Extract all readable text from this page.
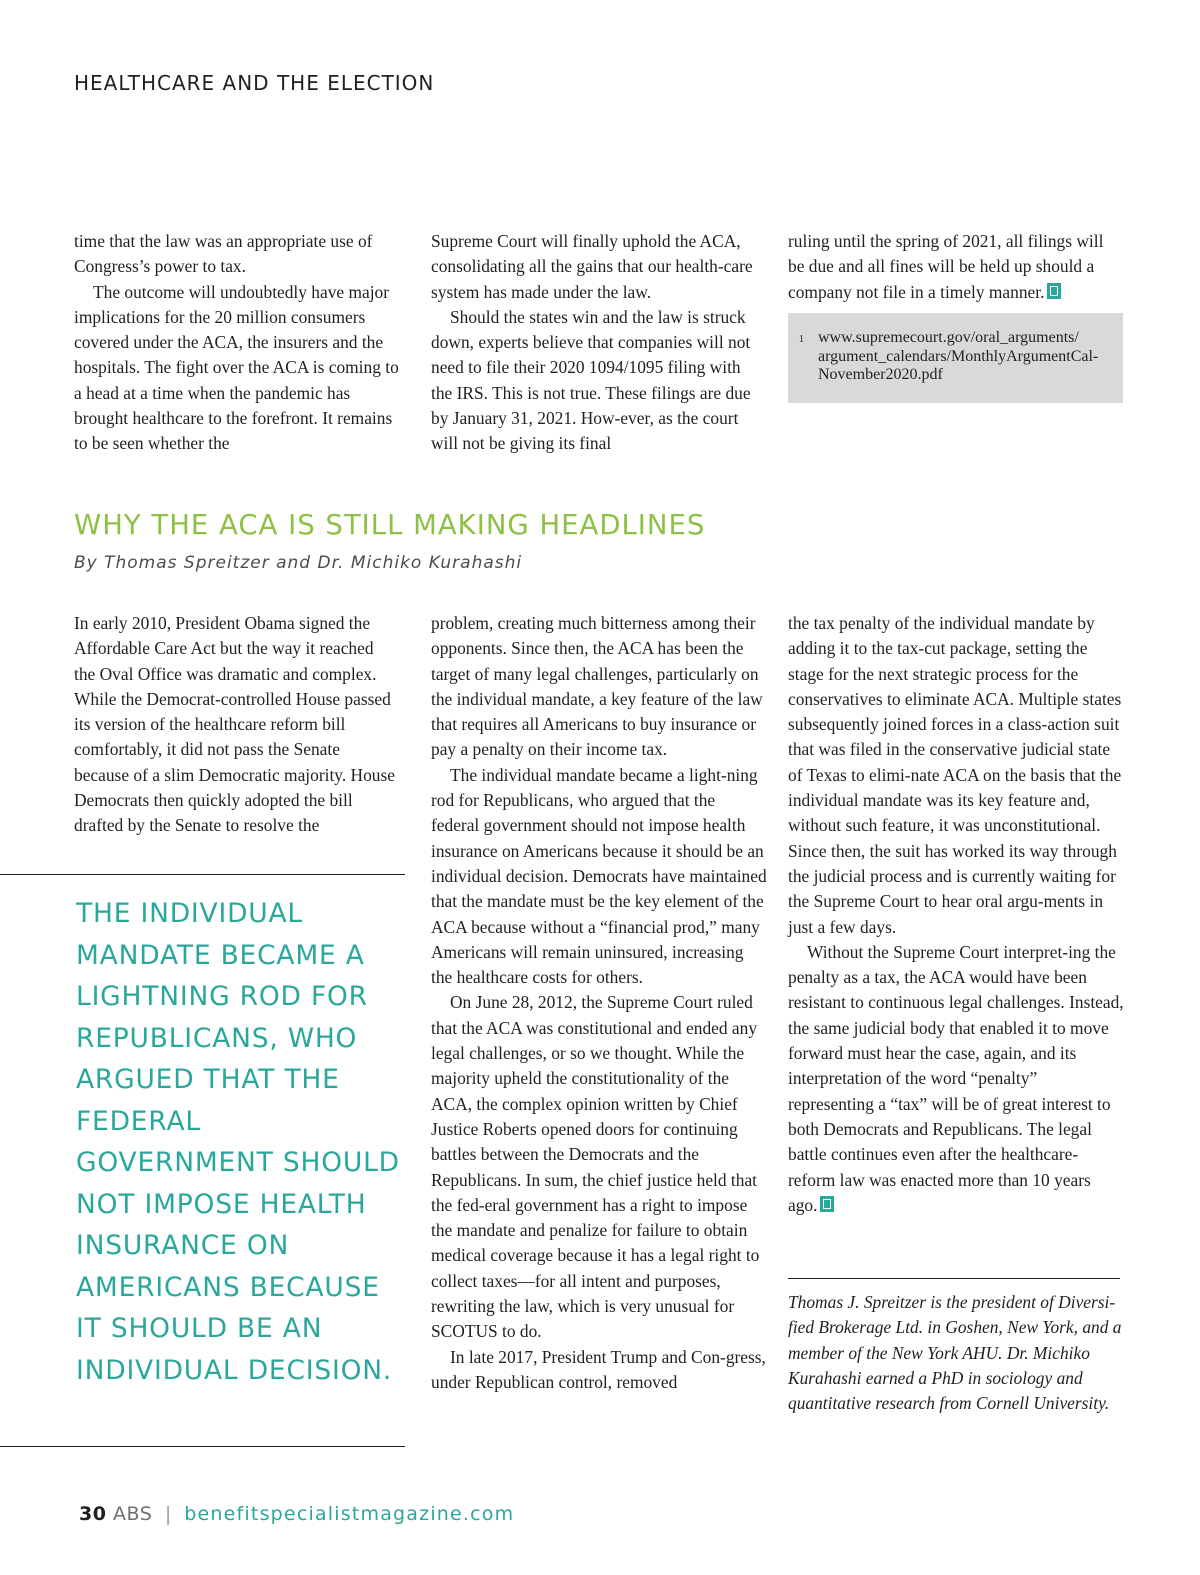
HEALTHCARE AND THE ELECTION

time that the law was an appropriate use of Congress’s power to tax.

The outcome will undoubtedly have major implications for the 20 million consumers covered under the ACA, the insurers and the hospitals. The fight over the ACA is coming to a head at a time when the pandemic has brought healthcare to the forefront. It remains to be seen whether the

Supreme Court will finally uphold the ACA, consolidating all the gains that our health-care system has made under the law.

Should the states win and the law is struck down, experts believe that companies will not need to file their 2020 1094/1095 filing with the IRS. This is not true. These filings are due by January 31, 2021. How-ever, as the court will not be giving its final

ruling until the spring of 2021, all filings will be due and all fines will be held up should a company not file in a timely manner.

1 www.supremecourt.gov/oral_arguments/ argument_calendars/MonthlyArgumentCal-November2020.pdf
WHY THE ACA IS STILL MAKING HEADLINES
By Thomas Spreitzer and Dr. Michiko Kurahashi

In early 2010, President Obama signed the Affordable Care Act but the way it reached the Oval Office was dramatic and complex. While the Democrat-controlled House passed its version of the healthcare reform bill comfortably, it did not pass the Senate because of a slim Democratic majority. House Democrats then quickly adopted the bill drafted by the Senate to resolve the

THE INDIVIDUAL MANDATE BECAME A LIGHTNING ROD FOR REPUBLICANS, WHO ARGUED THAT THE FEDERAL GOVERNMENT SHOULD NOT IMPOSE HEALTH INSURANCE ON AMERICANS BECAUSE IT SHOULD BE AN INDIVIDUAL DECISION.

problem, creating much bitterness among their opponents. Since then, the ACA has been the target of many legal challenges, particularly on the individual mandate, a key feature of the law that requires all Americans to buy insurance or pay a penalty on their income tax.

The individual mandate became a light-ning rod for Republicans, who argued that the federal government should not impose health insurance on Americans because it should be an individual decision. Democrats have maintained that the mandate must be the key element of the ACA because without a “financial prod,” many Americans will remain uninsured, increasing the healthcare costs for others.

On June 28, 2012, the Supreme Court ruled that the ACA was constitutional and ended any legal challenges, or so we thought. While the majority upheld the constitutionality of the ACA, the complex opinion written by Chief Justice Roberts opened doors for continuing battles between the Democrats and the Republicans. In sum, the chief justice held that the fed-eral government has a right to impose the mandate and penalize for failure to obtain medical coverage because it has a legal right to collect taxes—for all intent and purposes, rewriting the law, which is very unusual for SCOTUS to do.

In late 2017, President Trump and Con-gress, under Republican control, removed

the tax penalty of the individual mandate by adding it to the tax-cut package, setting the stage for the next strategic process for the conservatives to eliminate ACA. Multiple states subsequently joined forces in a class-action suit that was filed in the conservative judicial state of Texas to elimi-nate ACA on the basis that the individual mandate was its key feature and, without such feature, it was unconstitutional. Since then, the suit has worked its way through the judicial process and is currently waiting for the Supreme Court to hear oral argu-ments in just a few days.

Without the Supreme Court interpret-ing the penalty as a tax, the ACA would have been resistant to continuous legal challenges. Instead, the same judicial body that enabled it to move forward must hear the case, again, and its interpretation of the word “penalty” representing a “tax” will be of great interest to both Democrats and Republicans. The legal battle continues even after the healthcare-reform law was enacted more than 10 years ago.

Thomas J. Spreitzer is the president of Diversi-fied Brokerage Ltd. in Goshen, New York, and a member of the New York AHU. Dr. Michiko Kurahashi earned a PhD in sociology and quantitative research from Cornell University.
30 ABS | benefitspecialistmagazine.com
